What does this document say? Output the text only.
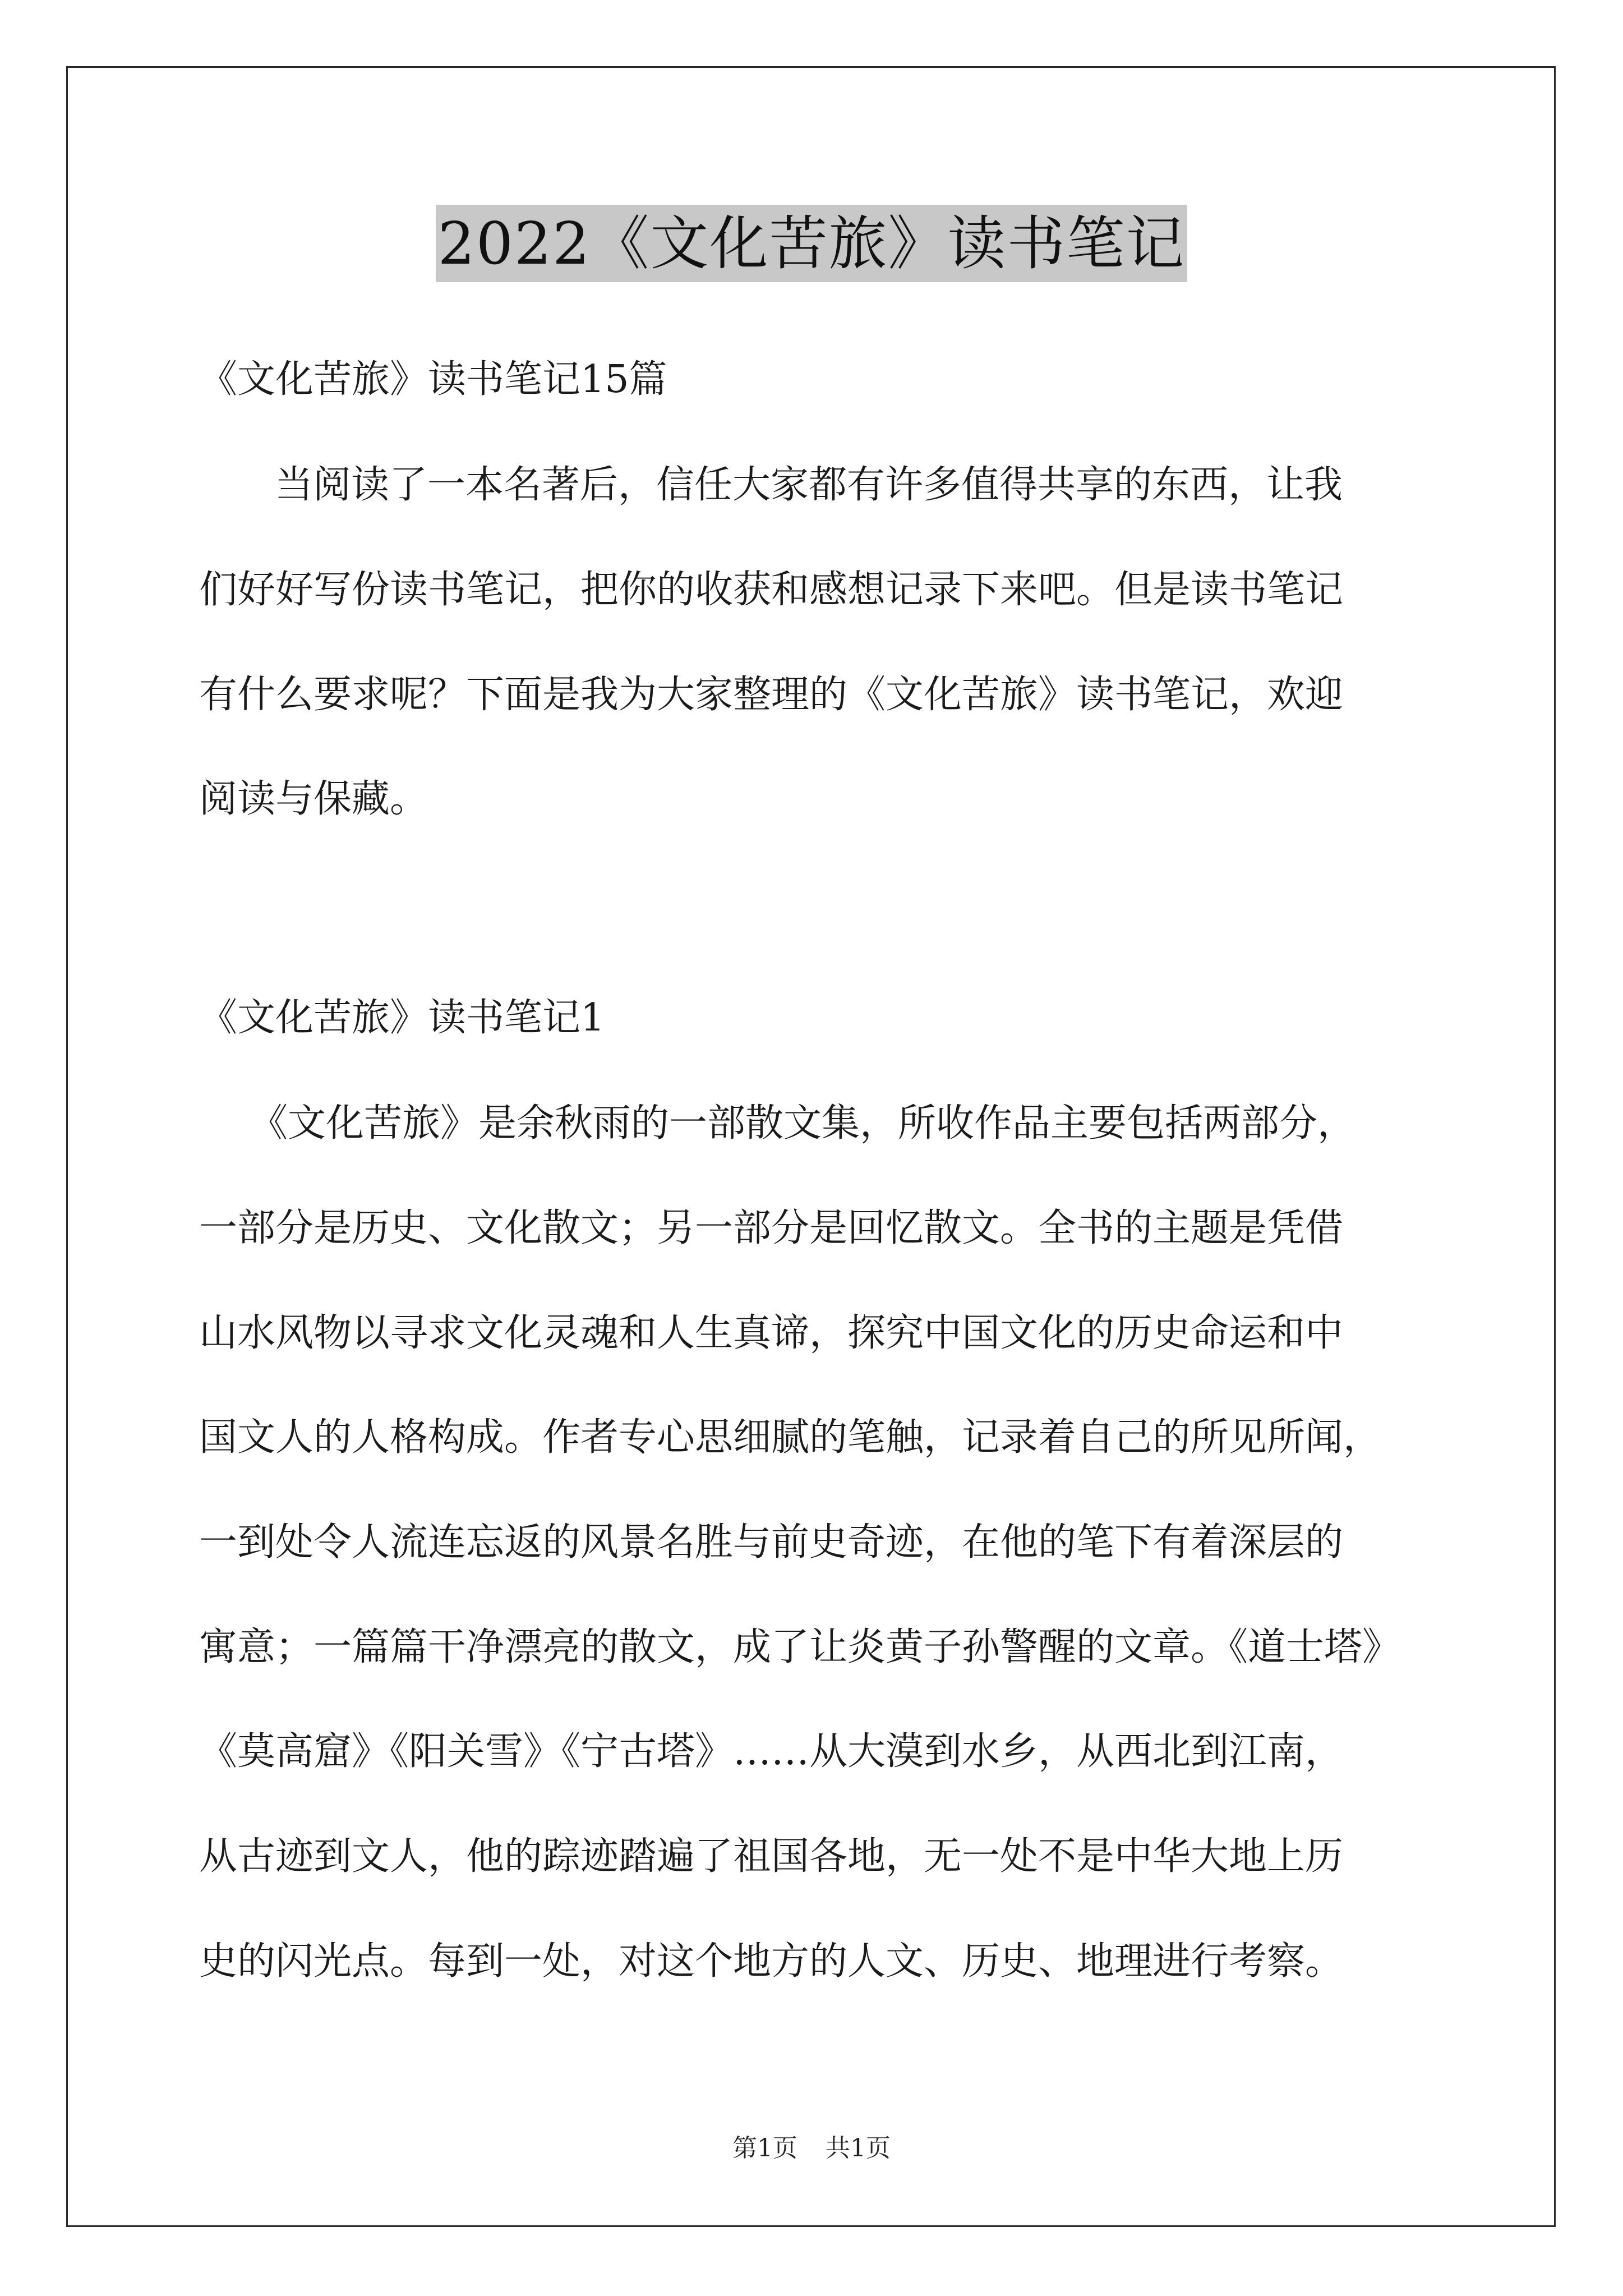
2022《文化苦旅》读书笔记
《文化苦旅》读书笔记15篇
当阅读了一本名著后，信任大家都有许多值得共享的东西，让我
们好好写份读书笔记，把你的收获和感想记录下来吧。但是读书笔记
有什么要求呢？下面是我为大家整理的《文化苦旅》读书笔记，欢迎
阅读与保藏。
《文化苦旅》读书笔记1
《文化苦旅》是余秋雨的一部散文集，所收作品主要包括两部分，
一部分是历史、文化散文；另一部分是回忆散文。全书的主题是凭借
山水风物以寻求文化灵魂和人生真谛，探究中国文化的历史命运和中
国文人的人格构成。作者专心思细腻的笔触，记录着自己的所见所闻，
一到处令人流连忘返的风景名胜与前史奇迹，在他的笔下有着深层的
寓意；一篇篇干净漂亮的散文，成了让炎黄子孙警醒的文章。《道士塔》
《莫高窟》《阳关雪》《宁古塔》……从大漠到水乡，从西北到江南，
从古迹到文人，他的踪迹踏遍了祖国各地，无一处不是中华大地上历
史的闪光点。每到一处，对这个地方的人文、历史、地理进行考察。
第1页 共1页
